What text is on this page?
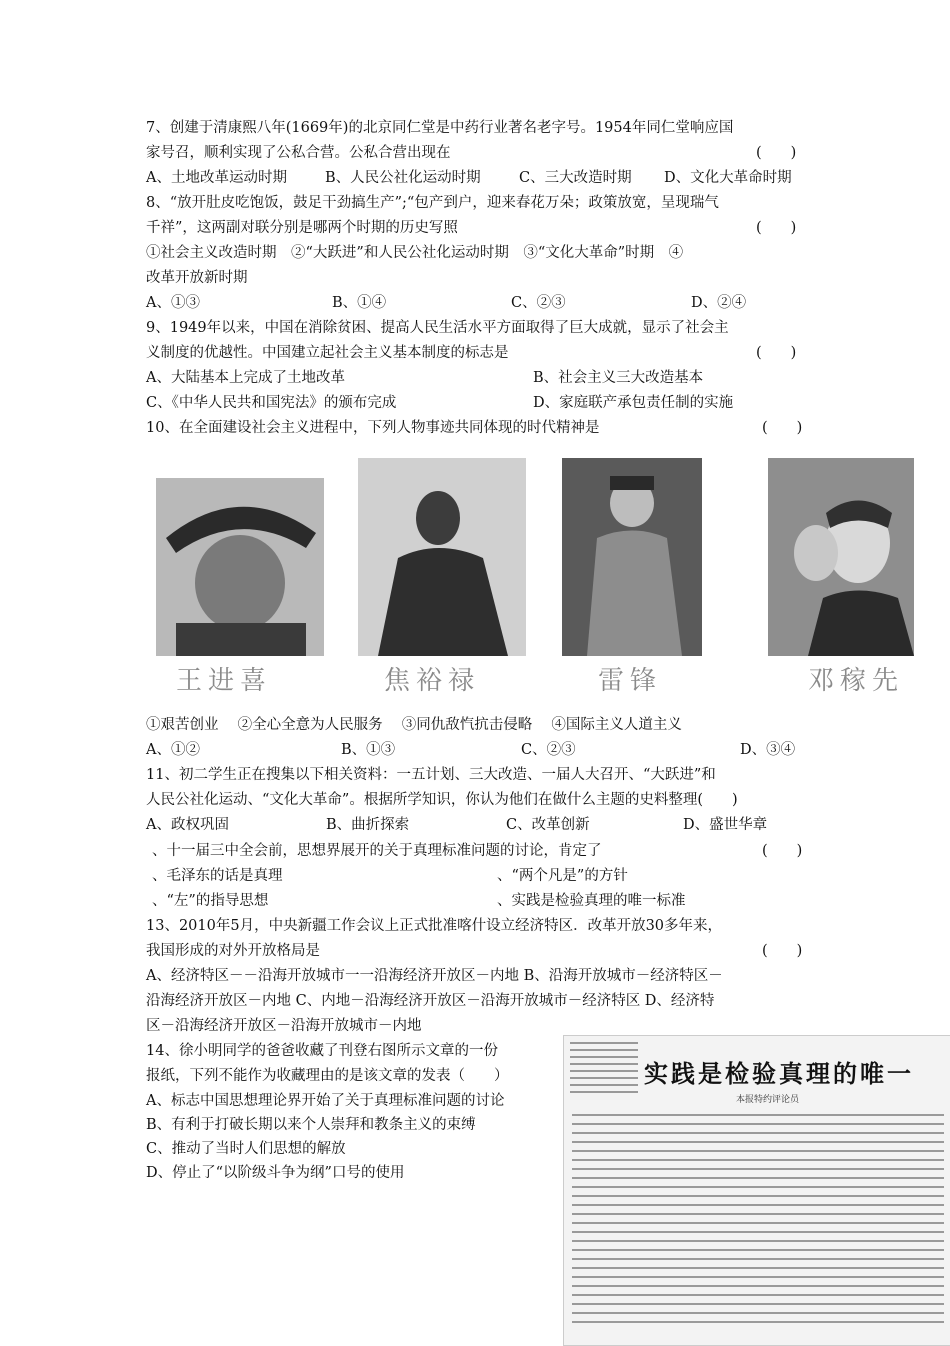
7、创建于清康熙八年(1669年)的北京同仁堂是中药行业著名老字号。1954年同仁堂响应国
家号召，顺利实现了公私合营。公私合营出现在	(　　)
A、土地改革运动时期	B、人民公社化运动时期	C、三大改造时期 D、文化大革命时期
8、“放开肚皮吃饱饭，鼓足干劲搞生产”;“包产到户，迎来春花万朵；政策放宽，呈现瑞气
千祥”，这两副对联分别是哪两个时期的历史写照	(　　)
①社会主义改造时期　②“大跃进”和人民公社化运动时期　③“文化大革命”时期　④
改革开放新时期
A、①③	B、①④	C、②③	D、②④
9、1949年以来，中国在消除贫困、提高人民生活水平方面取得了巨大成就，显示了社会主
义制度的优越性。中国建立起社会主义基本制度的标志是	(　　)
A、大陆基本上完成了土地改革	B、社会主义三大改造基本
C、《中华人民共和国宪法》的颁布完成	D、家庭联产承包责任制的实施
10、在全面建设社会主义进程中，下列人物事迹共同体现的时代精神是	(　　)
王进喜	焦裕禄	雷锋	邓稼先
①艰苦创业　 ②全心全意为人民服务　 ③同仇敌忾抗击侵略　 ④国际主义人道主义
A、①②	B、①③	C、②③	D、③④
11、初二学生正在搜集以下相关资料：一五计划、三大改造、一届人大召开、“大跃进”和
人民公社化运动、“文化大革命”。根据所学知识，你认为他们在做什么主题的史料整理(　　)
A、政权巩固	B、曲折探索	C、改革创新	D、盛世华章
、十一届三中全会前，思想界展开的关于真理标准问题的讨论，肯定了	(　　)
、毛泽东的话是真理	、“两个凡是”的方针
、“左”的指导思想	、实践是检验真理的唯一标准
13、2010年5月，中央新疆工作会议上正式批准喀什设立经济特区．改革开放30多年来，
我国形成的对外开放格局是	(　　)
A、经济特区－－沿海开放城市一一沿海经济开放区－内地 B、沿海开放城市－经济特区－
沿海经济开放区－内地 C、内地－沿海经济开放区－沿海开放城市－经济特区 D、经济特
区－沿海经济开放区－沿海开放城市－内地
14、徐小明同学的爸爸收藏了刊登右图所示文章的一份
报纸，下列不能作为收藏理由的是该文章的发表（　　）
A、标志中国思想理论界开始了关于真理标准问题的讨论
B、有利于打破长期以来个人崇拜和教条主义的束缚
C、推动了当时人们思想的解放
D、停止了“以阶级斗争为纲”口号的使用
实践是检验真理的唯一
本报特约评论员
